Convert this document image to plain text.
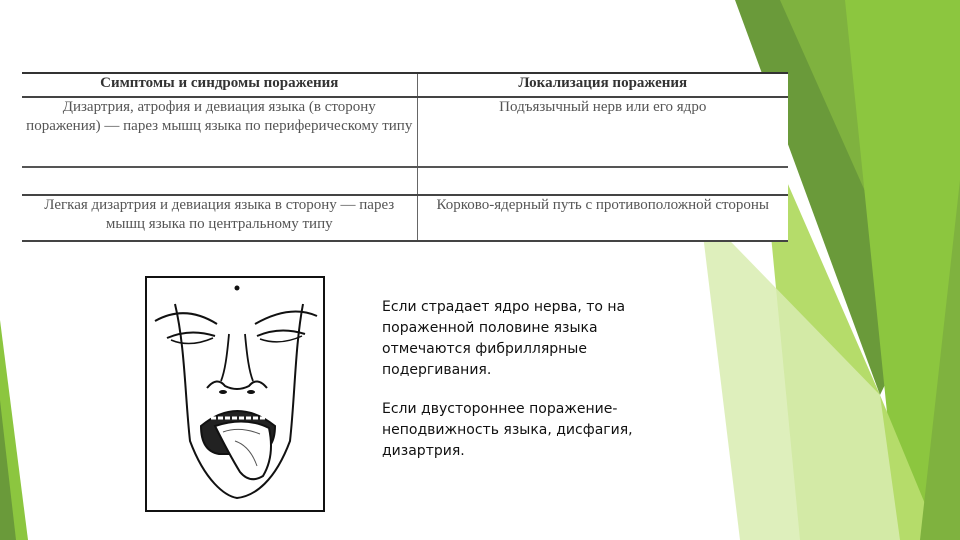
Симптомы и синдромы поражения	Локализация поражения
Дизартрия, атрофия и девиация языка (в сторону поражения) — парез мышц языка по периферическому типу	Подъязычный нерв или его ядро

Легкая дизартрия и девиация языка в сторону — парез мышц языка по центральному типу	Корково-ядерный путь с противоположной стороны

Если страдает ядро нерва, то на пораженной половине языка отмечаются фибриллярные подергивания.

Если двустороннее поражение- неподвижность языка, дисфагия, дизартрия.
